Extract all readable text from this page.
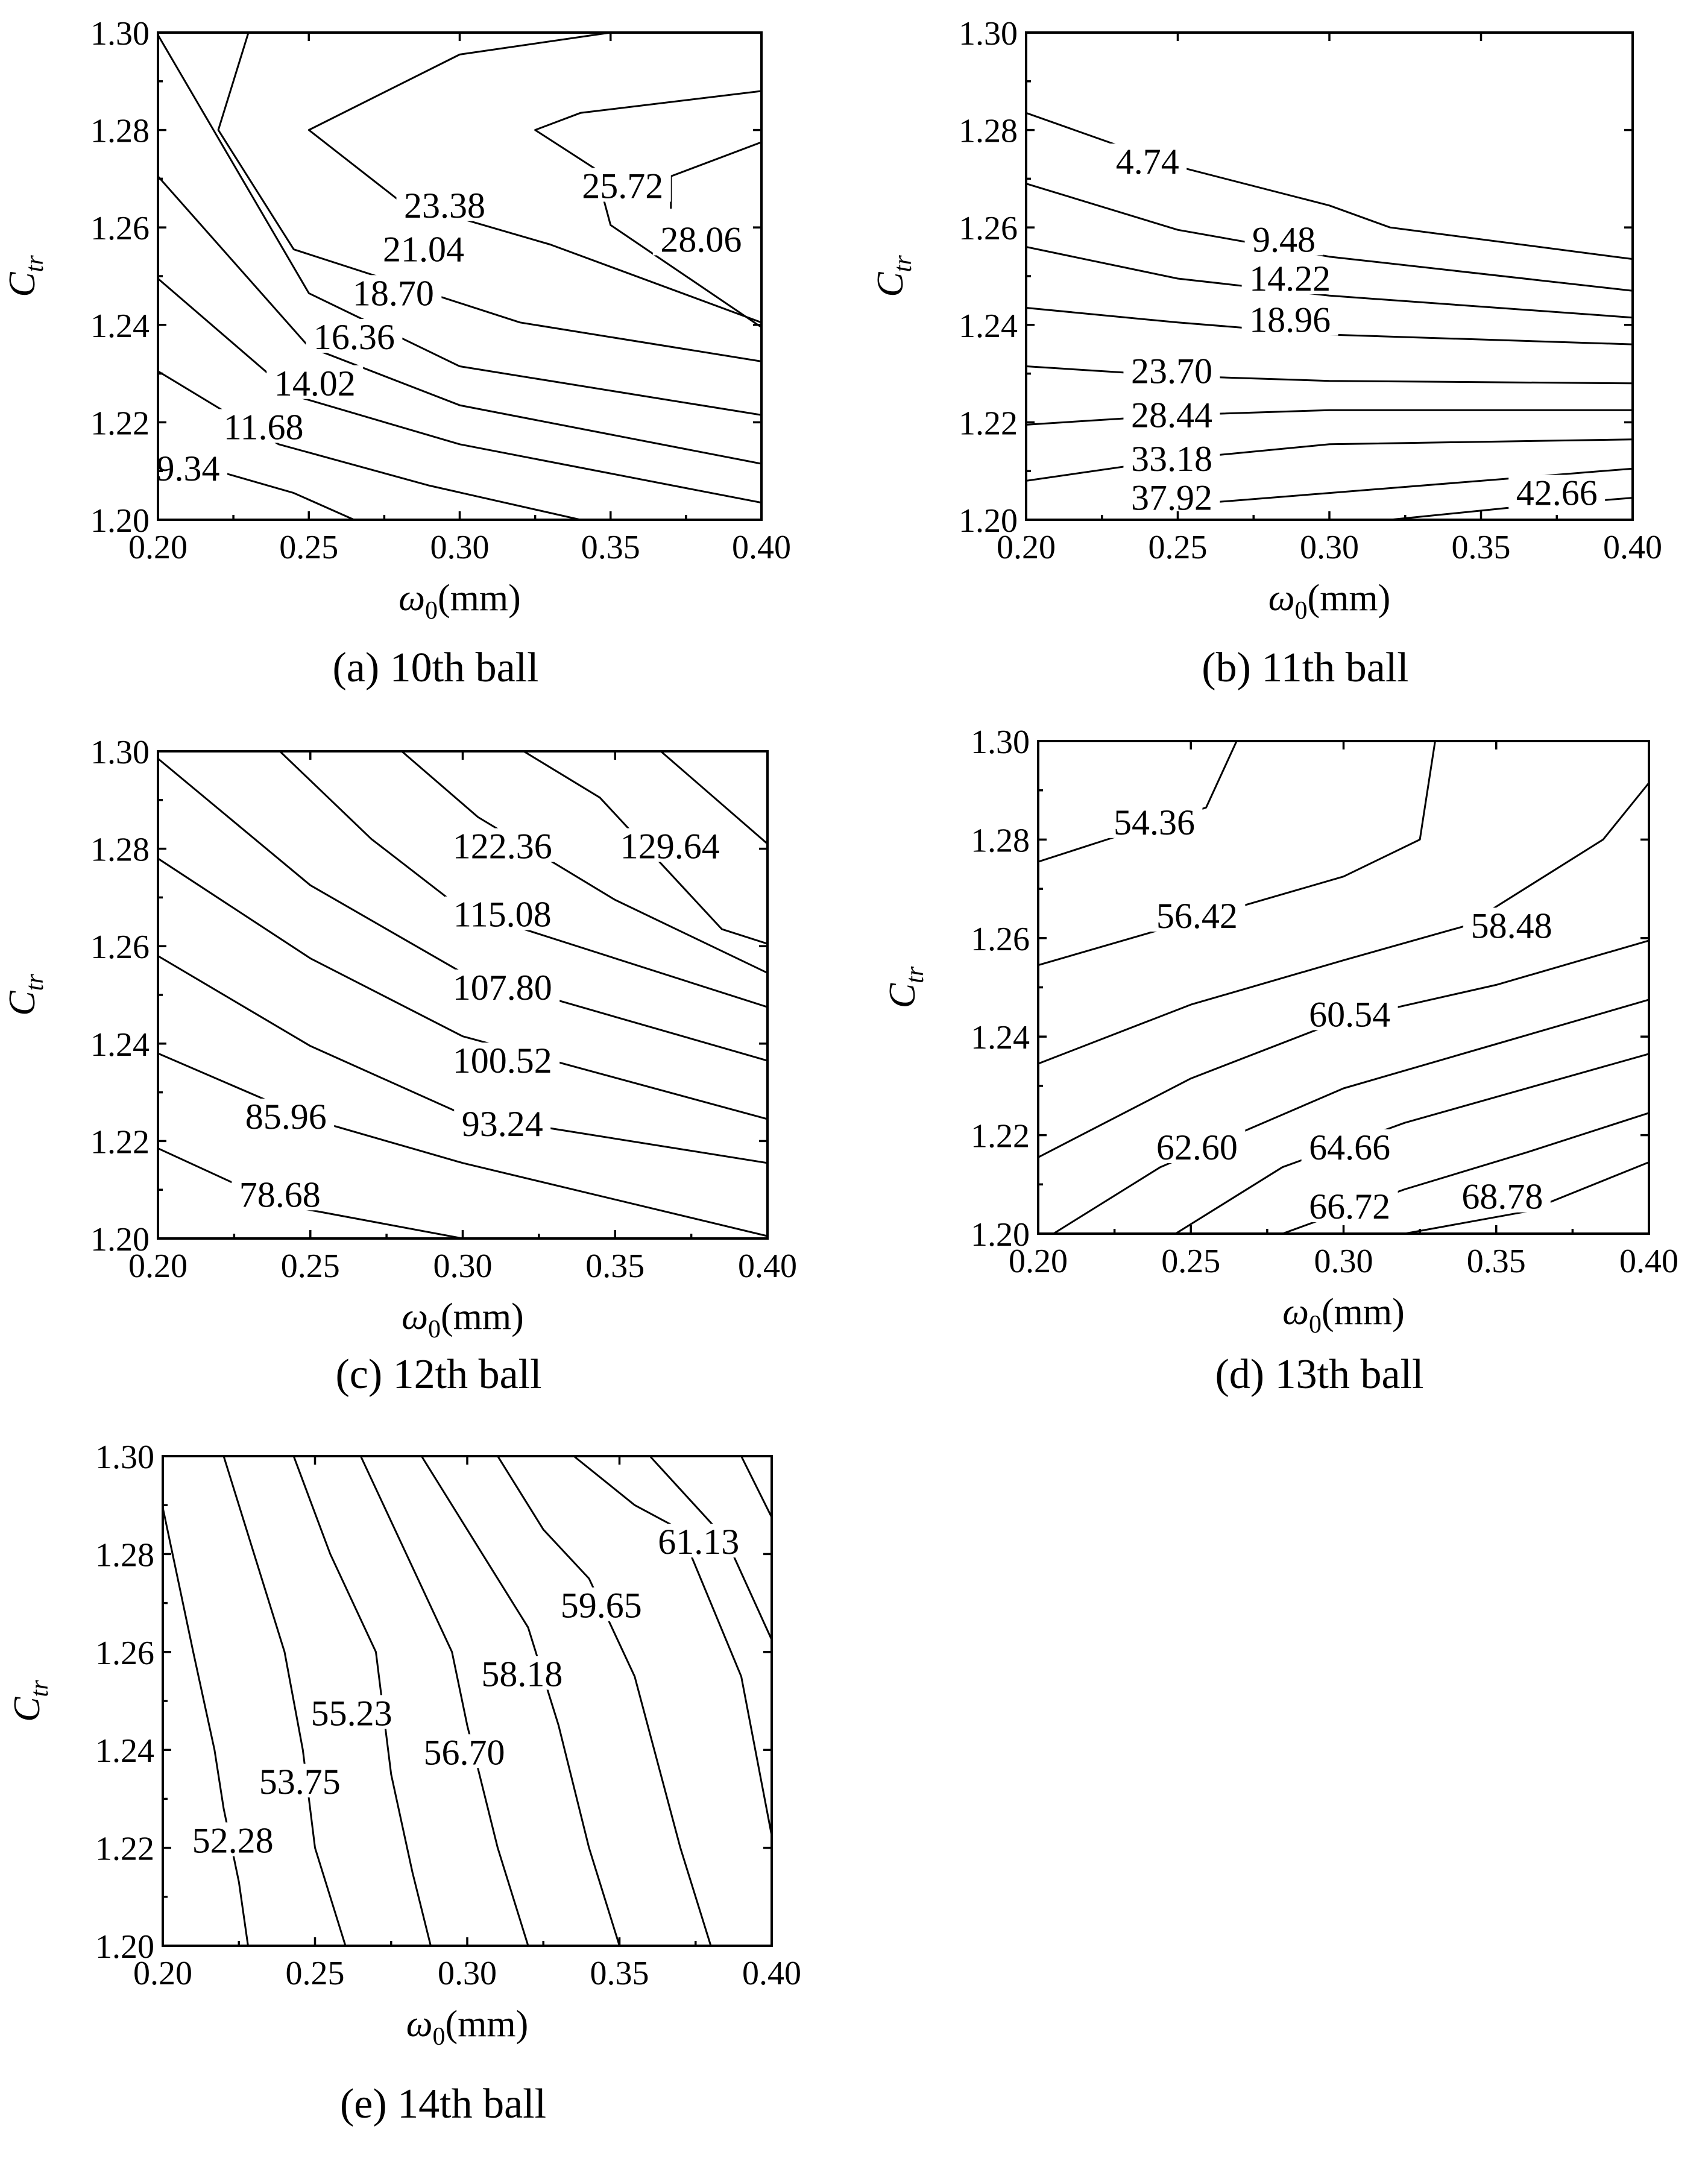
9.34
11.68
14.02
16.36
18.70
21.04
23.38	25.72
28.06
0.20	0.25	0.30	0.35	0.40
1.20
1.22
1.24
1.26
1.28
1.30
ω0(mm)
Ctr
(a) 10th ball
4.74
9.48
14.22
18.96
23.70
28.44
33.18
37.92	42.66
0.20	0.25	0.30	0.35	0.40
1.20
1.22
1.24
1.26
1.28
1.30
ω0(mm)
Ctr
(b) 11th ball
78.68
85.96	93.24
100.52
107.80
115.08
122.36 129.64
0.20	0.25	0.30	0.35	0.40
1.20
1.22
1.24
1.26
1.28
1.30
ω0(mm)
Ctr
(c) 12th ball
54.36
56.42	58.48
60.54
62.60 64.66
66.72 68.78
0.20	0.25	0.30	0.35	0.40
1.20
1.22
1.24
1.26
1.28
1.30
ω0(mm)
Ctr
(d) 13th ball
52.28
53.75
55.23
56.70
58.18
59.65
61.13
0.20	0.25	0.30	0.35	0.40
1.20
1.22
1.24
1.26
1.28
1.30
ω0(mm)
Ctr
(e) 14th ball
